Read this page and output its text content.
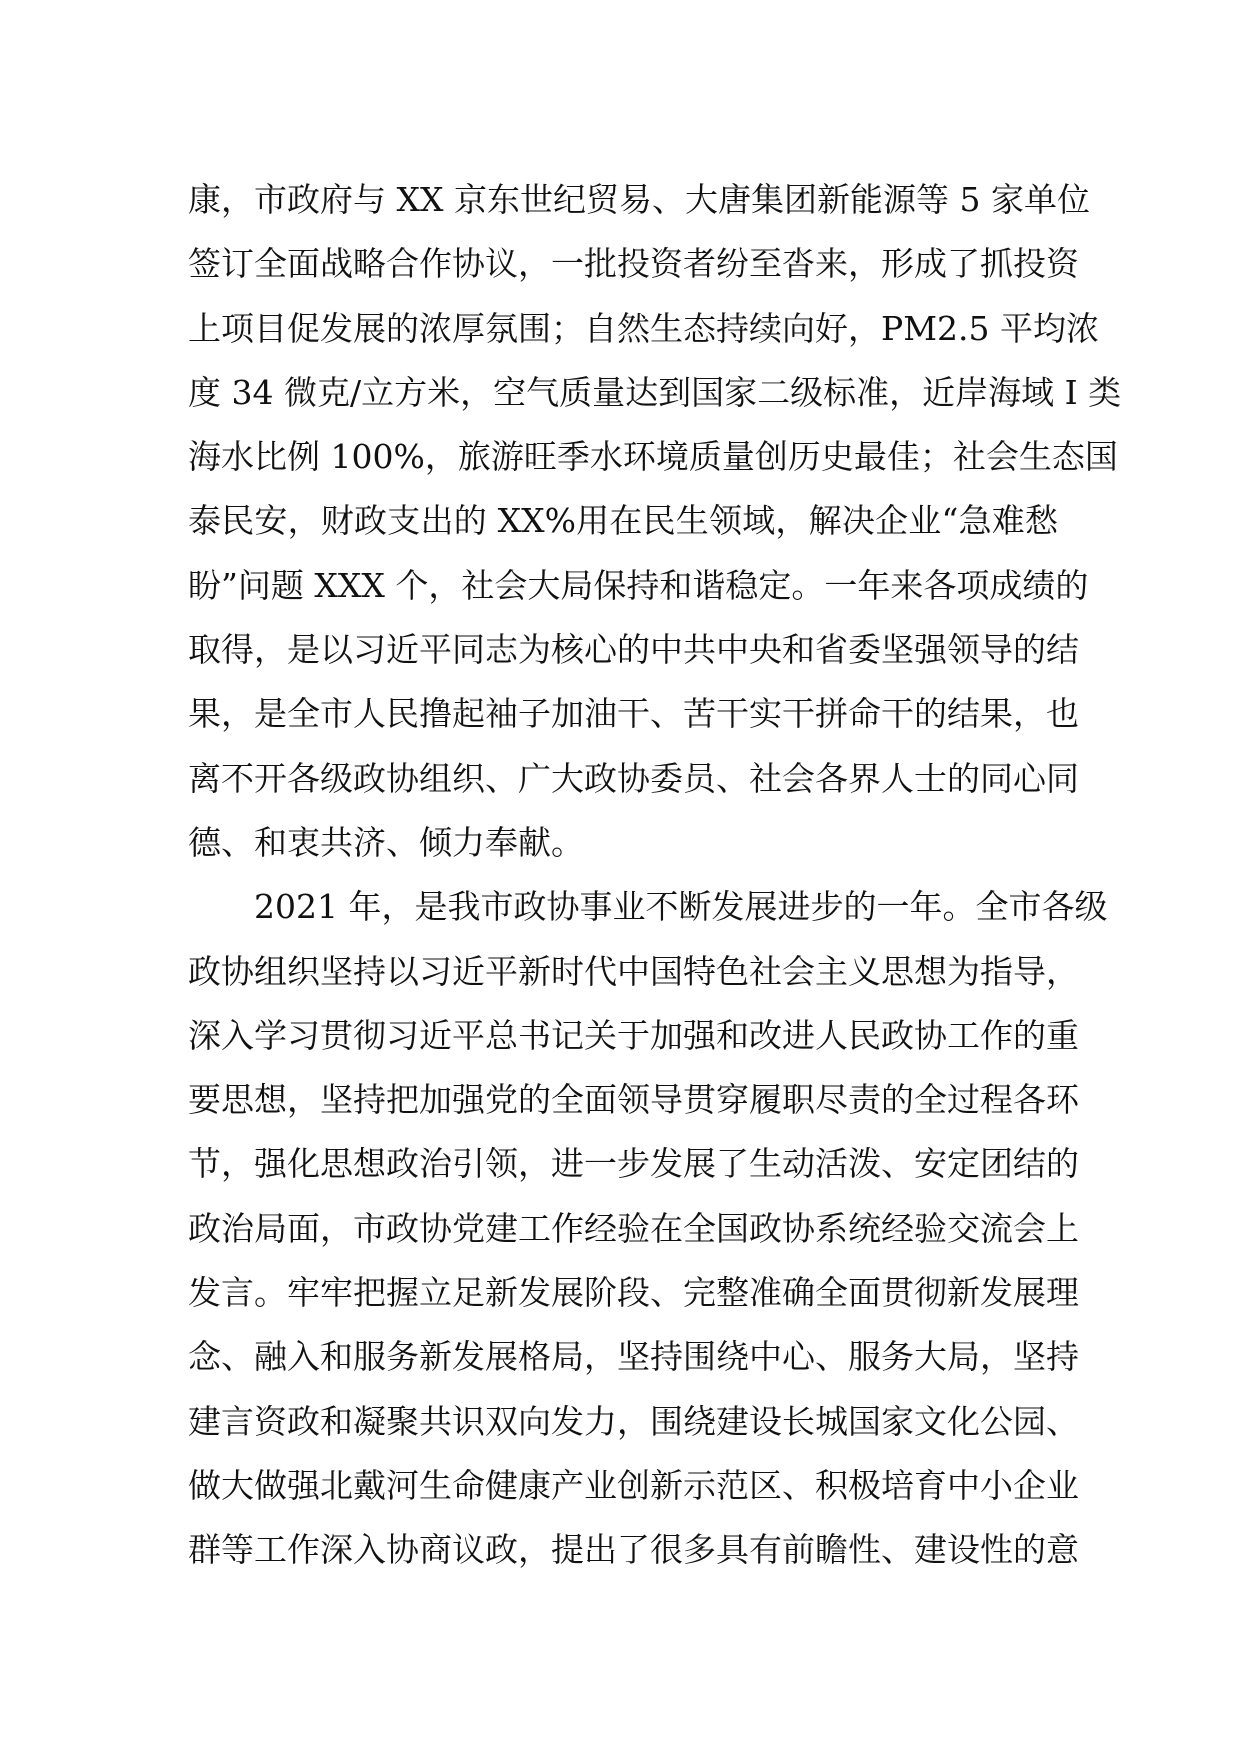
康，市政府与 XX 京东世纪贸易、大唐集团新能源等 5 家单位
签订全面战略合作协议，一批投资者纷至沓来，形成了抓投资
上项目促发展的浓厚氛围；自然生态持续向好，PM2.5 平均浓
度 34 微克/立方米，空气质量达到国家二级标准，近岸海域 I 类
海水比例 100%，旅游旺季水环境质量创历史最佳；社会生态国
泰民安，财政支出的 XX%用在民生领域，解决企业“急难愁
盼”问题 XXX 个，社会大局保持和谐稳定。一年来各项成绩的
取得，是以习近平同志为核心的中共中央和省委坚强领导的结
果，是全市人民撸起袖子加油干、苦干实干拼命干的结果，也
离不开各级政协组织、广大政协委员、社会各界人士的同心同
德、和衷共济、倾力奉献。
2021 年，是我市政协事业不断发展进步的一年。全市各级
政协组织坚持以习近平新时代中国特色社会主义思想为指导，
深入学习贯彻习近平总书记关于加强和改进人民政协工作的重
要思想，坚持把加强党的全面领导贯穿履职尽责的全过程各环
节，强化思想政治引领，进一步发展了生动活泼、安定团结的
政治局面，市政协党建工作经验在全国政协系统经验交流会上
发言。牢牢把握立足新发展阶段、完整准确全面贯彻新发展理
念、融入和服务新发展格局，坚持围绕中心、服务大局，坚持
建言资政和凝聚共识双向发力，围绕建设长城国家文化公园、
做大做强北戴河生命健康产业创新示范区、积极培育中小企业
群等工作深入协商议政，提出了很多具有前瞻性、建设性的意
